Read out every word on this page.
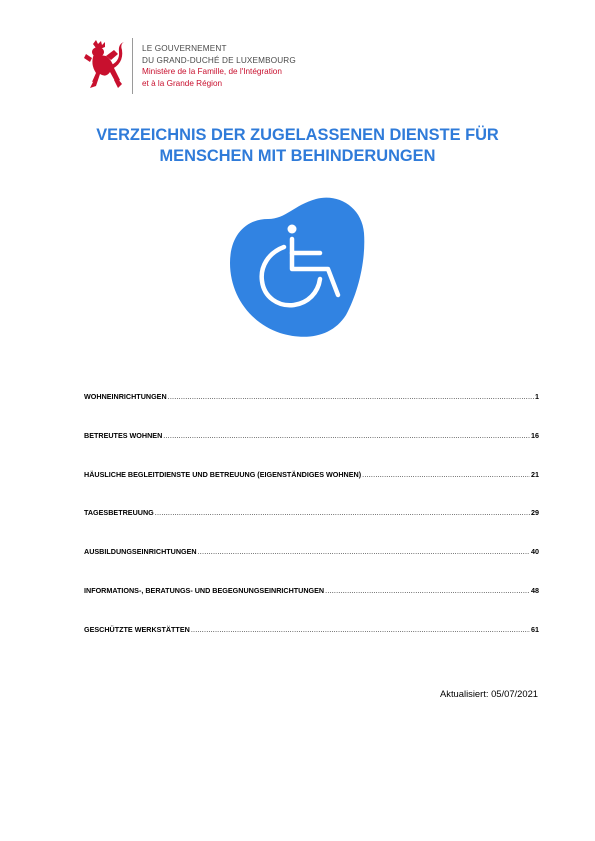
LE GOUVERNEMENT
DU GRAND-DUCHÉ DE LUXEMBOURG
Ministère de la Famille, de l'Intégration
et à la Grande Région
VERZEICHNIS DER ZUGELASSENEN DIENSTE FÜR
MENSCHEN MIT BEHINDERUNGEN
WOHNEINRICHTUNGEN .....	1
BETREUTES WOHNEN .....	16
HÄUSLICHE BEGLEITDIENSTE UND BETREUUNG (EIGENSTÄNDIGES WOHNEN) .....	21
TAGESBETREUUNG .....	29
AUSBILDUNGSEINRICHTUNGEN .....	40
INFORMATIONS-, BERATUNGS- UND BEGEGNUNGSEINRICHTUNGEN .....	48
GESCHÜTZTE WERKSTÄTTEN .....	61
Aktualisiert: 05/07/2021
